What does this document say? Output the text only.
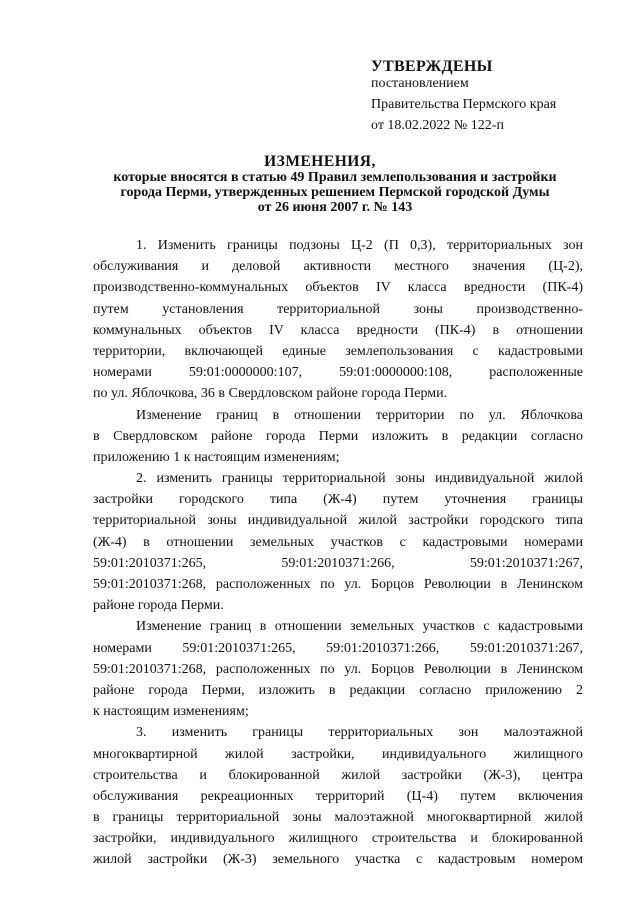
УТВЕРЖДЕНЫ
постановлением
Правительства Пермского края
от 18.02.2022 № 122-п
ИЗМЕНЕНИЯ,
которые вносятся в статью 49 Правил землепользования и застройки
города Перми, утвержденных решением Пермской городской Думы
от 26 июня 2007 г. № 143
1. Изменить границы подзоны Ц-2 (П 0,3), территориальных зон
обслуживания и деловой активности местного значения (Ц-2),
производственно-коммунальных объектов IV класса вредности (ПК-4)
путем установления территориальной зоны производственно-
коммунальных объектов IV класса вредности (ПК-4) в отношении
территории, включающей единые землепользования с кадастровыми
номерами 59:01:0000000:107, 59:01:0000000:108, расположенные
по ул. Яблочкова, 36 в Свердловском районе города Перми.
Изменение границ в отношении территории по ул. Яблочкова
в Свердловском районе города Перми изложить в редакции согласно
приложению 1 к настоящим изменениям;
2. изменить границы территориальной зоны индивидуальной жилой
застройки городского типа (Ж-4) путем уточнения границы
территориальной зоны индивидуальной жилой застройки городского типа
(Ж-4) в отношении земельных участков с кадастровыми номерами
59:01:2010371:265, 59:01:2010371:266, 59:01:2010371:267,
59:01:2010371:268, расположенных по ул. Борцов Революции в Ленинском
районе города Перми.
Изменение границ в отношении земельных участков с кадастровыми
номерами 59:01:2010371:265, 59:01:2010371:266, 59:01:2010371:267,
59:01:2010371:268, расположенных по ул. Борцов Революции в Ленинском
районе города Перми, изложить в редакции согласно приложению 2
к настоящим изменениям;
3. изменить границы территориальных зон малоэтажной
многоквартирной жилой застройки, индивидуального жилищного
строительства и блокированной жилой застройки (Ж-3), центра
обслуживания рекреационных территорий (Ц-4) путем включения
в границы территориальной зоны малоэтажной многоквартирной жилой
застройки, индивидуального жилищного строительства и блокированной
жилой застройки (Ж-3) земельного участка с кадастровым номером
